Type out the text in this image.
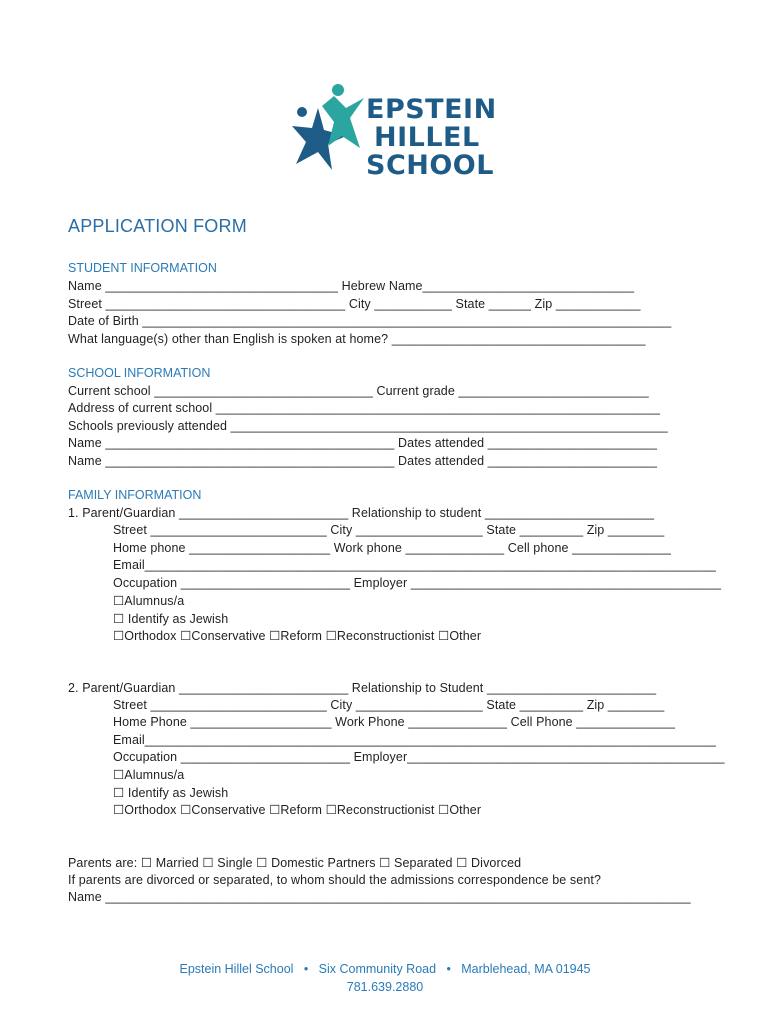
EPSTEIN
HILLEL
SCHOOL
APPLICATION FORM
STUDENT INFORMATION
Name _________________________________ Hebrew Name______________________________
Street __________________________________ City ___________ State ______ Zip ____________
Date of Birth ___________________________________________________________________________
What language(s) other than English is spoken at home? ____________________________________
SCHOOL INFORMATION
Current school _______________________________ Current grade ___________________________
Address of current school _______________________________________________________________
Schools previously attended ______________________________________________________________
Name _________________________________________ Dates attended ________________________
Name _________________________________________ Dates attended ________________________
FAMILY INFORMATION
1. Parent/Guardian ________________________ Relationship to student ________________________
Street _________________________ City __________________ State _________ Zip ________
Home phone ____________________ Work phone ______________ Cell phone ______________
Email_________________________________________________________________________________
Occupation ________________________ Employer ____________________________________________
☐Alumnus/a
☐ Identify as Jewish
☐Orthodox ☐Conservative ☐Reform ☐Reconstructionist ☐Other
2. Parent/Guardian ________________________ Relationship to Student ________________________
Street _________________________ City __________________ State _________ Zip ________
Home Phone ____________________ Work Phone ______________ Cell Phone ______________
Email_________________________________________________________________________________
Occupation ________________________ Employer_____________________________________________
☐Alumnus/a
☐ Identify as Jewish
☐Orthodox ☐Conservative ☐Reform ☐Reconstructionist ☐Other
Parents are: ☐ Married ☐ Single ☐ Domestic Partners ☐ Separated ☐ Divorced
If parents are divorced or separated, to whom should the admissions correspondence be sent?
Name ___________________________________________________________________________________
Epstein Hillel School   •   Six Community Road   •   Marblehead, MA 01945
781.639.2880
